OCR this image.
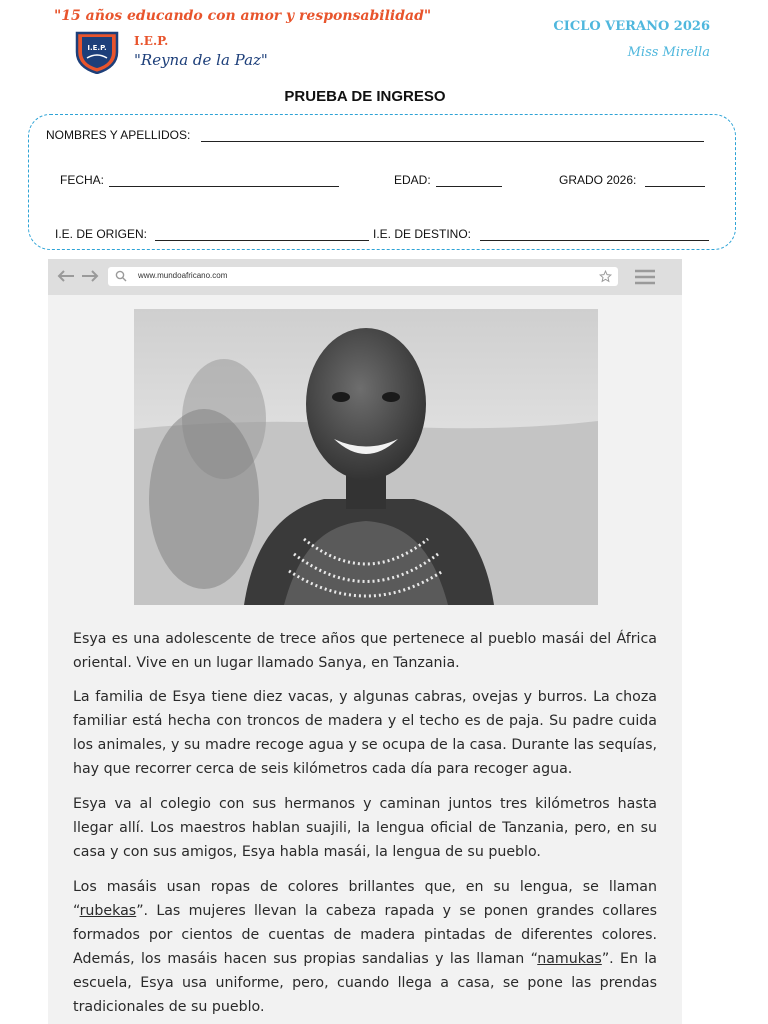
"15 años educando con amor y responsabilidad"
I.E.P. I.E.P.
"Reyna de la Paz"
CICLO VERANO 2026
Miss Mirella
PRUEBA DE INGRESO
NOMBRES Y APELLIDOS:
FECHA:	EDAD:	GRADO 2026:
I.E. DE ORIGEN:	I.E. DE DESTINO:
www.mundoafricano.com

Esya es una adolescente de trece años que pertenece al pueblo masái del África oriental. Vive en un lugar llamado Sanya, en Tanzania.

La familia de Esya tiene diez vacas, y algunas cabras, ovejas y burros. La choza familiar está hecha con troncos de madera y el techo es de paja. Su padre cuida los animales, y su madre recoge agua y se ocupa de la casa. Durante las sequías, hay que recorrer cerca de seis kilómetros cada día para recoger agua.

Esya va al colegio con sus hermanos y caminan juntos tres kilómetros hasta llegar allí. Los maestros hablan suajili, la lengua oficial de Tanzania, pero, en su casa y con sus amigos, Esya habla masái, la lengua de su pueblo.

Los masáis usan ropas de colores brillantes que, en su lengua, se llaman “rubekas”. Las mujeres llevan la cabeza rapada y se ponen grandes collares formados por cientos de cuentas de madera pintadas de diferentes colores. Además, los masáis hacen sus propias sandalias y las llaman “namukas”. En la escuela, Esya usa uniforme, pero, cuando llega a casa, se pone las prendas tradicionales de su pueblo.
